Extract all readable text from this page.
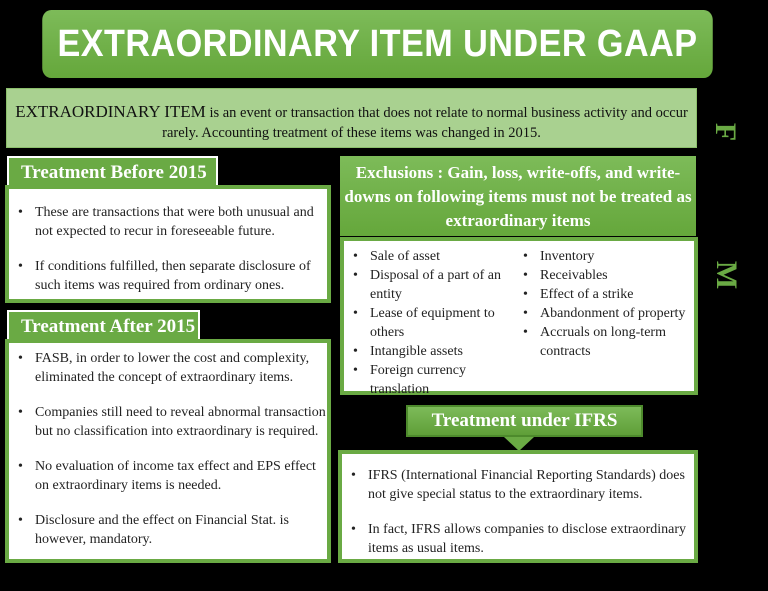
EXTRAORDINARY ITEM UNDER GAAP
EXTRAORDINARY ITEM is an event or transaction that does not relate to normal business activity and occur rarely. Accounting treatment of these items was changed in 2015.	F
M
Treatment Before 2015
• These are transactions that were both unusual and not expected to recur in foreseeable future.
• If conditions fulfilled, then separate disclosure of such items was required from ordinary ones.
Treatment After 2015
• FASB, in order to lower the cost and complexity, eliminated the concept of extraordinary items.
• Companies still need to reveal abnormal transaction but no classification into extraordinary is required.
• No evaluation of income tax effect and EPS effect on extraordinary items is needed.
• Disclosure and the effect on Financial Stat. is however, mandatory.
Exclusions : Gain, loss, write-offs, and write-downs on following items must not be treated as extraordinary items
• Sale of asset
• Disposal of a part of an entity
• Lease of equipment to others
• Intangible assets
• Foreign currency translation
• Inventory
• Receivables
• Effect of a strike
• Abandonment of property
• Accruals on long-term contracts
Treatment under IFRS
• IFRS (International Financial Reporting Standards) does not give special status to the extraordinary items.
• In fact, IFRS allows companies to disclose extraordinary items as usual items.
